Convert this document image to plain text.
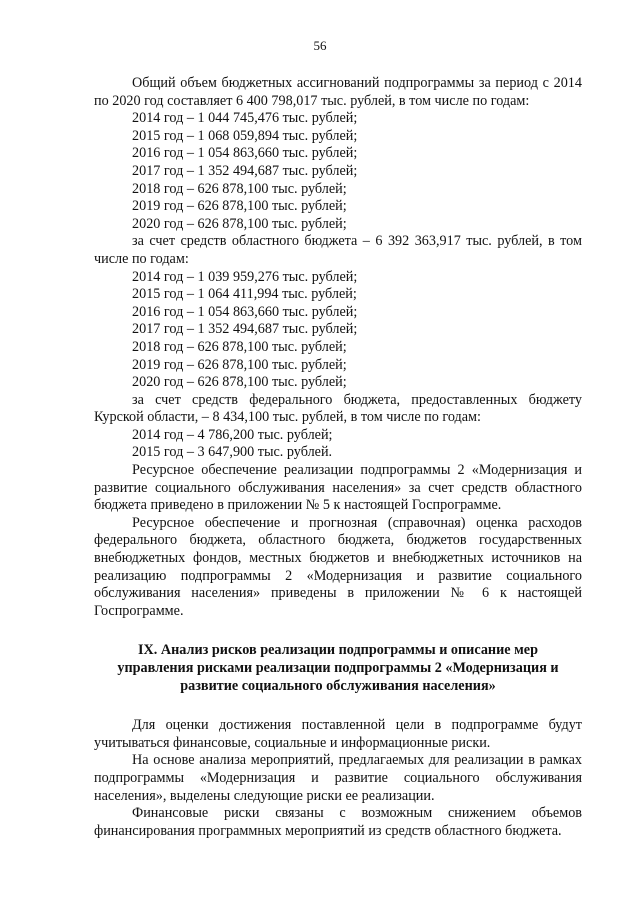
56

Общий объем бюджетных ассигнований подпрограммы за период с 2014 по 2020 год составляет 6 400 798,017 тыс. рублей, в том числе по годам:

2014 год – 1 044 745,476 тыс. рублей;

2015 год – 1 068 059,894 тыс. рублей;

2016 год – 1 054 863,660 тыс. рублей;

2017 год – 1 352 494,687 тыс. рублей;

2018 год – 626 878,100 тыс. рублей;

2019 год – 626 878,100 тыс. рублей;

2020 год – 626 878,100 тыс. рублей;

за счет средств областного бюджета – 6 392 363,917 тыс. рублей, в том числе по годам:

2014 год – 1 039 959,276 тыс. рублей;

2015 год – 1 064 411,994 тыс. рублей;

2016 год – 1 054 863,660 тыс. рублей;

2017 год – 1 352 494,687 тыс. рублей;

2018 год – 626 878,100 тыс. рублей;

2019 год – 626 878,100 тыс. рублей;

2020 год – 626 878,100 тыс. рублей;

за счет средств федерального бюджета, предоставленных бюджету Курской области, – 8 434,100 тыс. рублей, в том числе по годам:

2014 год – 4 786,200 тыс. рублей;

2015 год – 3 647,900 тыс. рублей.

Ресурсное обеспечение реализации подпрограммы 2 «Модернизация и развитие социального обслуживания населения» за счет средств областного бюджета приведено в приложении № 5 к настоящей Госпрограмме.

Ресурсное обеспечение и прогнозная (справочная) оценка расходов федерального бюджета, областного бюджета, бюджетов государственных внебюджетных фондов, местных бюджетов и внебюджетных источников на реализацию подпрограммы 2 «Модернизация и развитие социального обслуживания населения» приведены в приложении № 6 к настоящей Госпрограмме.

IX. Анализ рисков реализации подпрограммы и описание мер управления рисками реализации подпрограммы 2 «Модернизация и развитие социального обслуживания населения»

Для оценки достижения поставленной цели в подпрограмме будут учитываться финансовые, социальные и информационные риски.

На основе анализа мероприятий, предлагаемых для реализации в рамках подпрограммы «Модернизация и развитие социального обслуживания населения», выделены следующие риски ее реализации.

Финансовые риски связаны с возможным снижением объемов финансирования программных мероприятий из средств областного бюджета.
